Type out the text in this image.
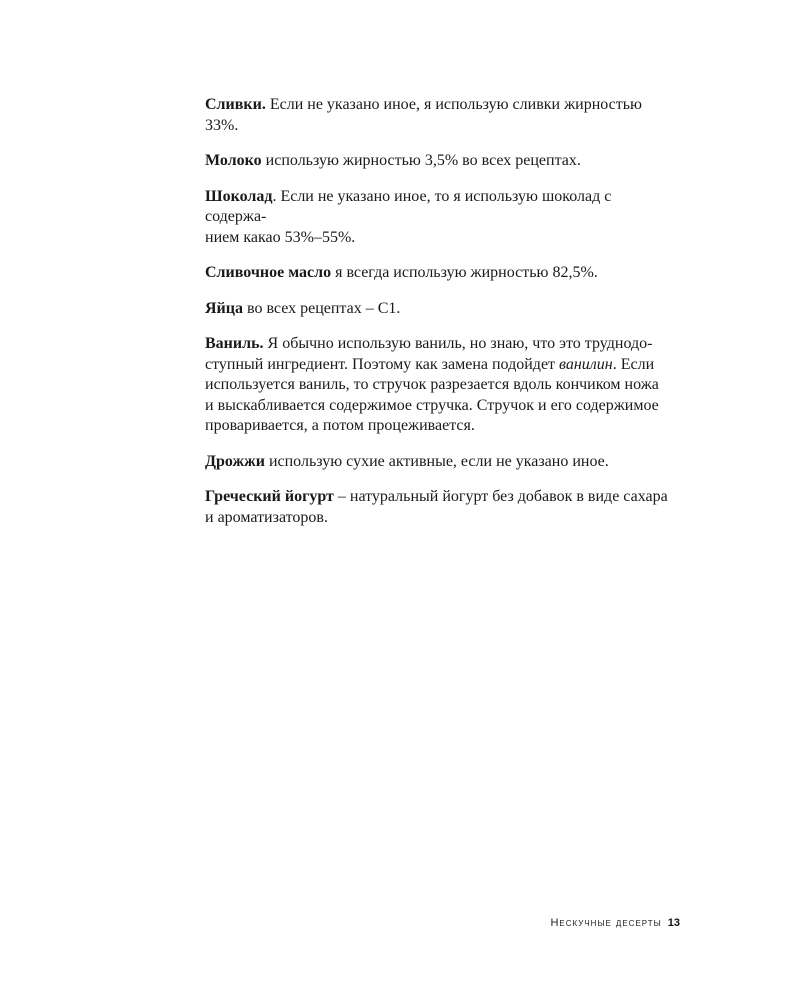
Сливки. Если не указано иное, я использую сливки жирностью 33%.

Молоко использую жирностью 3,5% во всех рецептах.

Шоколад. Если не указано иное, то я использую шоколад с содержа-
нием какао 53%–55%.

Сливочное масло я всегда использую жирностью 82,5%.

Яйца во всех рецептах – С1.

Ваниль. Я обычно использую ваниль, но знаю, что это труднодо-
ступный ингредиент. Поэтому как замена подойдет ванилин. Если
используется ваниль, то стручок разрезается вдоль кончиком ножа
и выскабливается содержимое стручка. Стручок и его содержимое
проваривается, а потом процеживается.

Дрожжи использую сухие активные, если не указано иное.

Греческий йогурт – натуральный йогурт без добавок в виде сахара
и ароматизаторов.

Нескучные десерты 13
